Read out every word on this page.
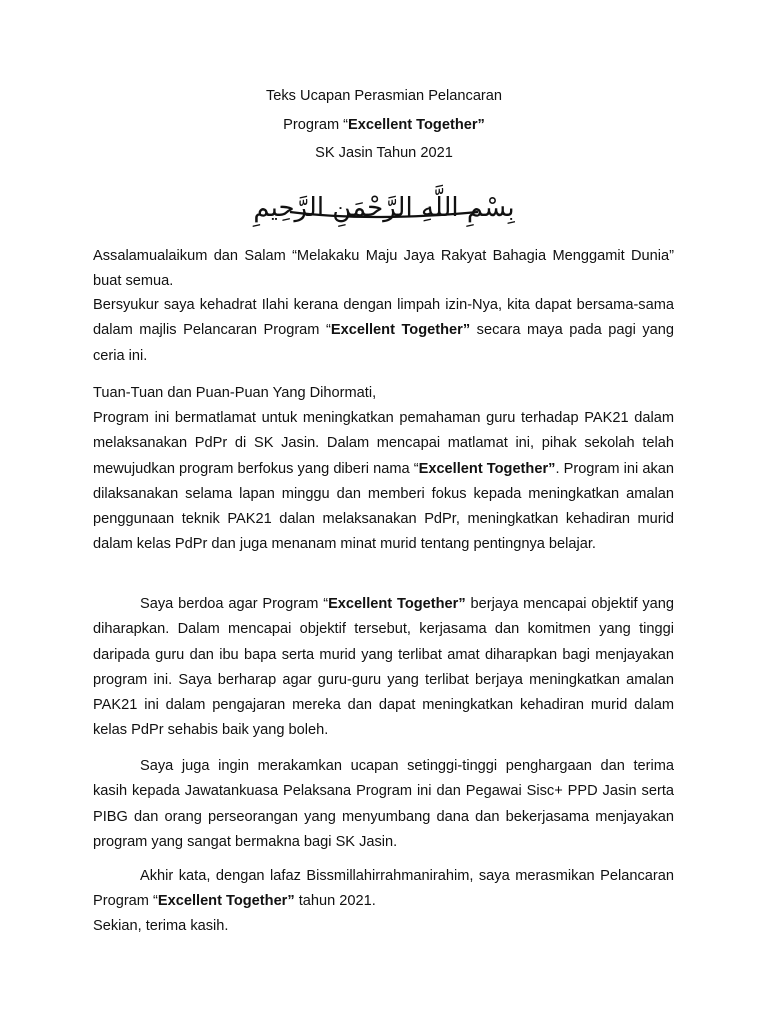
Teks Ucapan Perasmian Pelancaran
Program “Excellent Together”
SK Jasin Tahun 2021
بِسْمِ اللَّهِ الرَّحْمَنِ الرَّحِيمِ

Assalamualaikum dan Salam “Melakaku Maju Jaya Rakyat Bahagia Menggamit Dunia” buat semua.

Bersyukur saya kehadrat Ilahi kerana dengan limpah izin-Nya, kita dapat bersama-sama dalam majlis Pelancaran Program “Excellent Together” secara maya pada pagi yang ceria ini.

Tuan-Tuan dan Puan-Puan Yang Dihormati,

Program ini bermatlamat untuk meningkatkan pemahaman guru terhadap PAK21 dalam melaksanakan PdPr di SK Jasin. Dalam mencapai matlamat ini, pihak sekolah telah mewujudkan program berfokus yang diberi nama “Excellent Together”. Program ini akan dilaksanakan selama lapan minggu dan memberi fokus kepada meningkatkan amalan penggunaan teknik PAK21 dalan melaksanakan PdPr, meningkatkan kehadiran murid dalam kelas PdPr dan juga menanam minat murid tentang pentingnya belajar.

Saya berdoa agar Program “Excellent Together” berjaya mencapai objektif yang diharapkan. Dalam mencapai objektif tersebut, kerjasama dan komitmen yang tinggi daripada guru dan ibu bapa serta murid yang terlibat amat diharapkan bagi menjayakan program ini. Saya berharap agar guru-guru yang terlibat berjaya meningkatkan amalan PAK21 ini dalam pengajaran mereka dan dapat meningkatkan kehadiran murid dalam kelas PdPr sehabis baik yang boleh.

Saya juga ingin merakamkan ucapan setinggi-tinggi penghargaan dan terima kasih kepada Jawatankuasa Pelaksana Program ini dan Pegawai Sisc+ PPD Jasin serta PIBG dan orang perseorangan yang menyumbang dana dan bekerjasama menjayakan program yang sangat bermakna bagi SK Jasin.

Akhir kata, dengan lafaz Bissmillahirrahmanirahim, saya merasmikan Pelancaran Program “Excellent Together” tahun 2021.

Sekian, terima kasih.
